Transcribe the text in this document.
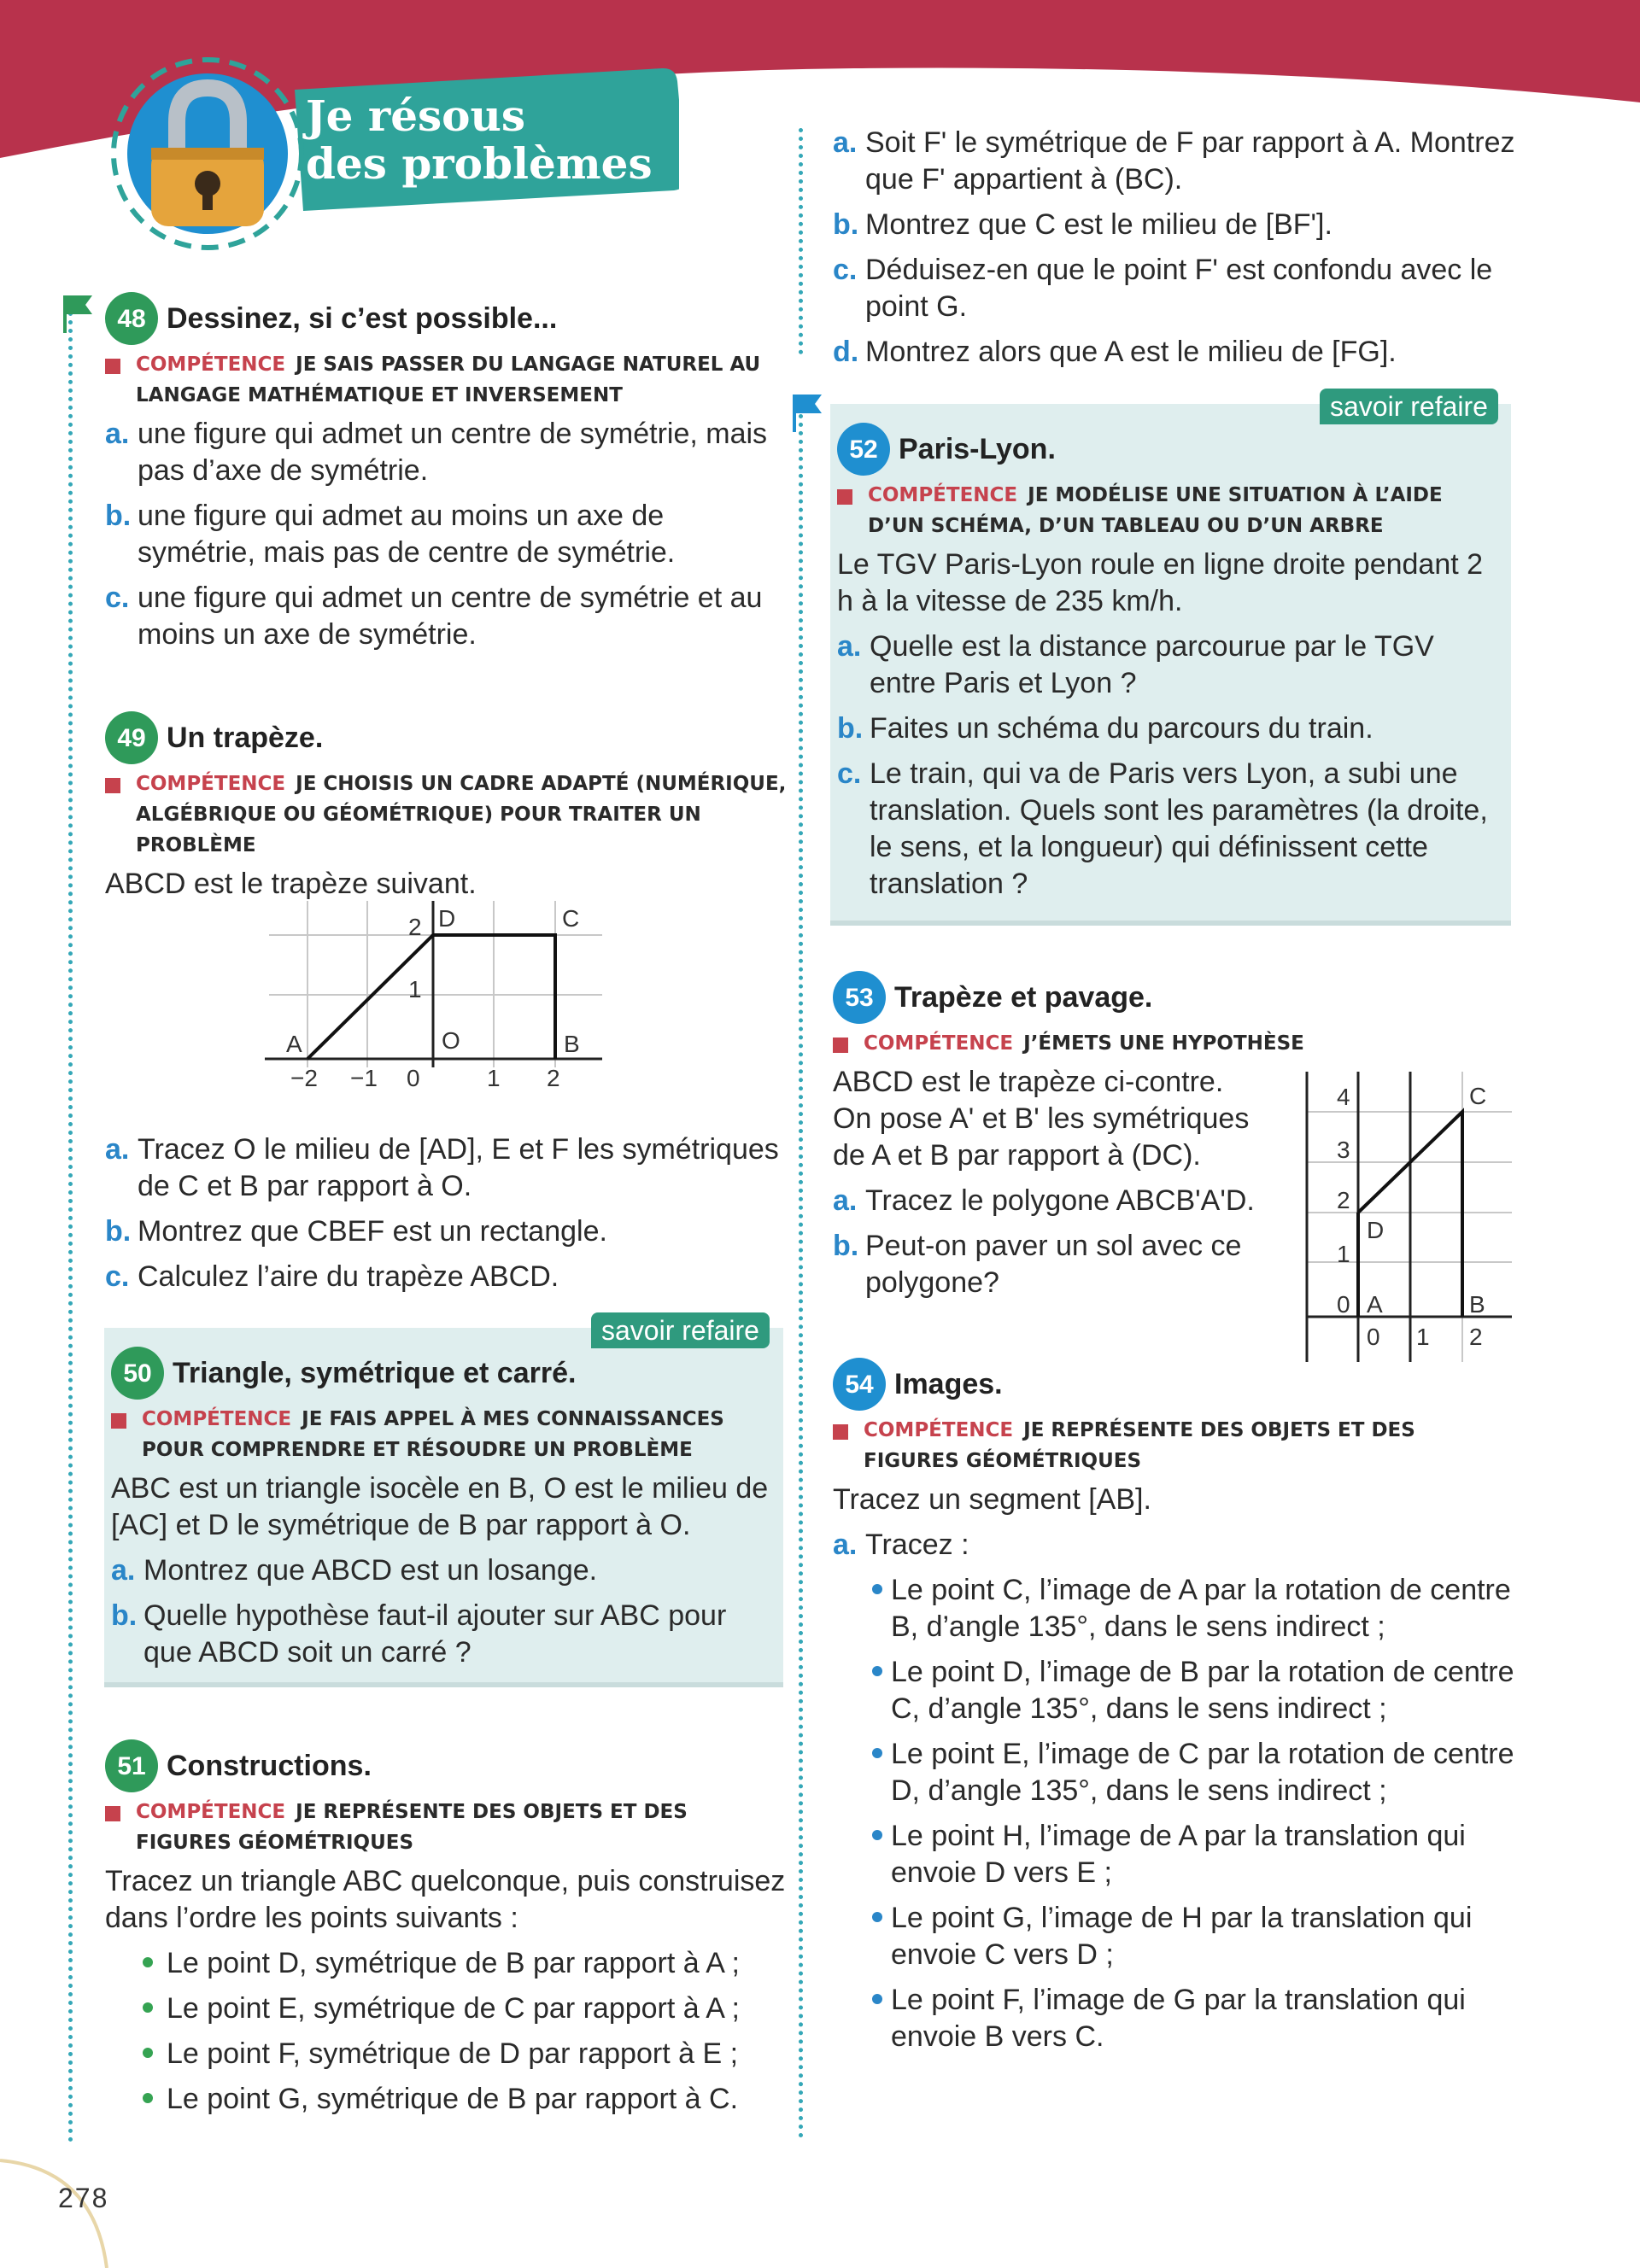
Je résous
des problèmes
48 Dessinez, si c’est possible...
COMPÉTENCE JE SAIS PASSER DU LANGAGE NATUREL AU LANGAGE MATHÉMATIQUE ET INVERSEMENT
a. une figure qui admet un centre de symétrie, mais pas d’axe de symétrie.
b. une figure qui admet au moins un axe de symétrie, mais pas de centre de symétrie.
c. une figure qui admet un centre de symétrie et au moins un axe de symétrie.
49 Un trapèze.
COMPÉTENCE JE CHOISIS UN CADRE ADAPTÉ (NUMÉRIQUE, ALGÉBRIQUE OU GÉOMÉTRIQUE) POUR TRAITER UN PROBLÈME
ABCD est le trapèze suivant.
A	B
C
D
O
2
1
−2 −1 0	1 2
a. Tracez O le milieu de [AD], E et F les symétriques de C et B par rapport à O.
b. Montrez que CBEF est un rectangle.
c. Calculez l’aire du trapèze ABCD.
savoir refaire
50 Triangle, symétrique et carré.
COMPÉTENCE JE FAIS APPEL À MES CONNAISSANCES POUR COMPRENDRE ET RÉSOUDRE UN PROBLÈME
ABC est un triangle isocèle en B, O est le milieu de [AC] et D le symétrique de B par rapport à O.
a. Montrez que ABCD est un losange.
b. Quelle hypothèse faut-il ajouter sur ABC pour que ABCD soit un carré ?
51 Constructions.
COMPÉTENCE JE REPRÉSENTE DES OBJETS ET DES FIGURES GÉOMÉTRIQUES
Tracez un triangle ABC quelconque, puis construisez dans l’ordre les points suivants :
Le point D, symétrique de B par rapport à A ;
Le point E, symétrique de C par rapport à A ;
Le point F, symétrique de D par rapport à E ;
Le point G, symétrique de B par rapport à C.
a. Soit F' le symétrique de F par rapport à A. Montrez que F' appartient à (BC).
b. Montrez que C est le milieu de [BF'].
c. Déduisez-en que le point F' est confondu avec le point G.
d. Montrez alors que A est le milieu de [FG].
savoir refaire
52 Paris-Lyon.
COMPÉTENCE JE MODÉLISE UNE SITUATION À L’AIDE D’UN SCHÉMA, D’UN TABLEAU OU D’UN ARBRE
Le TGV Paris-Lyon roule en ligne droite pendant 2 h à la vitesse de 235 km/h.
a. Quelle est la distance parcourue par le TGV entre Paris et Lyon ?
b. Faites un schéma du parcours du train.
c. Le train, qui va de Paris vers Lyon, a subi une translation. Quels sont les paramètres (la droite, le sens, et la longueur) qui définissent cette translation ?
53 Trapèze et pavage.
COMPÉTENCE J’ÉMETS UNE HYPOTHÈSE
ABCD est le trapèze ci-contre. On pose A' et B' les symétriques de A et B par rapport à (DC).
a. Tracez le polygone ABCB'A'D.
b. Peut-on paver un sol avec ce polygone?
4
3
2
1
0
C
D
A	B
0 1 2
54 Images.
COMPÉTENCE JE REPRÉSENTE DES OBJETS ET DES FIGURES GÉOMÉTRIQUES
Tracez un segment [AB].
a. Tracez :
Le point C, l’image de A par la rotation de centre B, d’angle 135°, dans le sens indirect ;
Le point D, l’image de B par la rotation de centre C, d’angle 135°, dans le sens indirect ;
Le point E, l’image de C par la rotation de centre D, d’angle 135°, dans le sens indirect ;
Le point H, l’image de A par la translation qui envoie D vers E ;
Le point G, l’image de H par la translation qui envoie C vers D ;
Le point F, l’image de G par la translation qui envoie B vers C.
278
